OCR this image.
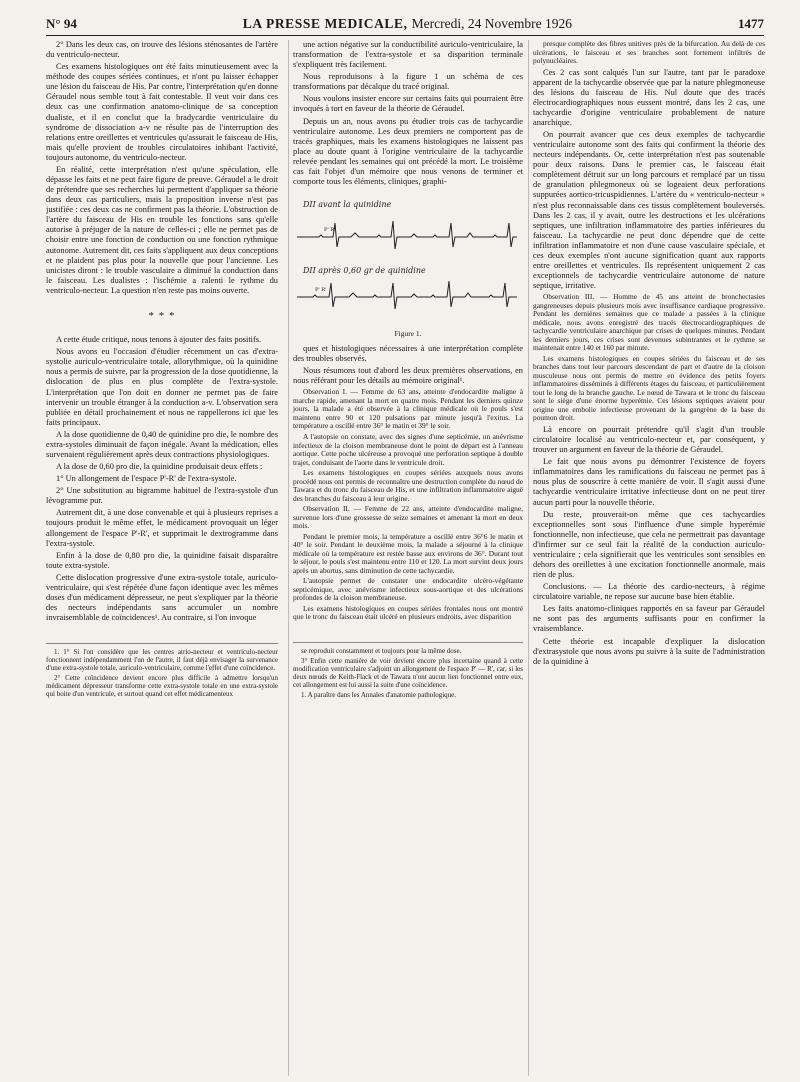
N° 94	LA PRESSE MEDICALE, Mercredi, 24 Novembre 1926	1477

2° Dans les deux cas, on trouve des lésions sténosantes de l'artère du ventriculo-necteur.

Ces examens histologiques ont été faits minutieusement avec la méthode des coupes sériées continues, et n'ont pu laisser échapper une lésion du faisceau de His. Par contre, l'interprétation qu'en donne Géraudel nous semble tout à fait contestable. Il veut voir dans ces deux cas une confirmation anatomo-clinique de sa conception dualiste, et il en conclut que la bradycardie ventriculaire du syndrome de dissociation a-v ne résulte pas de l'interruption des relations entre oreillettes et ventricules qu'assurait le faisceau de His, mais qu'elle provient de troubles circulatoires inhibant l'activité, toujours autonome, du ventriculo-necteur.

En réalité, cette interprétation n'est qu'une spéculation, elle dépasse les faits et ne peut faire figure de preuve. Géraudel a le droit de prétendre que ses recherches lui permettent d'appliquer sa théorie dans deux cas particuliers, mais la proposition inverse n'est pas justifiée : ces deux cas ne confirment pas la théorie. L'obstruction de l'artère du faisceau de His en trouble les fonctions sans qu'elle autorise à préjuger de la nature de celles-ci ; elle ne permet pas de choisir entre une fonction de conduction ou une fonction rythmique autonome. Autrement dit, ces faits s'appliquent aux deux conceptions et ne plaident pas plus pour la nouvelle que pour l'ancienne. Les unicistes diront : le trouble vasculaire a diminué la conduction dans le faisceau. Les dualistes : l'ischémie a ralenti le rythme du ventriculo-necteur. La question n'en reste pas moins ouverte.

* * *

A cette étude critique, nous tenons à ajouter des faits positifs.

Nous avons eu l'occasion d'étudier récemment un cas d'extra-systolie auriculo-ventriculaire totale, allorythmique, où la quinidine nous a permis de suivre, par la progression de la dose quotidienne, la dislocation de plus en plus complète de l'extra-systole. L'interprétation que l'on doit en donner ne permet pas de faire intervenir un trouble étranger à la conduction a-v. L'observation sera publiée en détail prochainement et nous ne rappellerons ici que les faits principaux.

A la dose quotidienne de 0,40 de quinidine pro die, le nombre des extra-systoles diminuait de façon inégale. Avant la médication, elles survenaient régulièrement après deux contractions physiologiques.

A la dose de 0,60 pro die, la quinidine produisait deux effets :

1° Un allongement de l'espace P'-R' de l'extra-systole.

2° Une substitution au bigramme habituel de l'extra-systole d'un lévogramme pur.

Autrement dit, à une dose convenable et qui à plusieurs reprises a toujours produit le même effet, le médicament provoquait un léger allongement de l'espace P'-R', et supprimait le dextrogramme dans l'extra-systole.

Enfin à la dose de 0,80 pro die, la quinidine faisait disparaître toute extra-systole.

Cette dislocation progressive d'une extra-systole totale, auriculo-ventriculaire, qui s'est répétée d'une façon identique avec les mêmes doses d'un médicament dépresseur, ne peut s'expliquer par la théorie des necteurs indépendants sans accumuler un nombre invraisemblable de coïncidences¹. Au contraire, si l'on invoque

1. 1° Si l'on considère que les centres atrio-necteur et ventriculo-necteur fonctionnent indépendamment l'un de l'autre, il faut déjà envisager la survenance d'une extra-systole totale, auriculo-ventriculaire, comme l'effet d'une coïncidence.

2° Cette coïncidence devient encore plus difficile à admettre lorsqu'un médicament dépresseur transforme cette extra-systole totale en une extra-systole qui boite d'un ventricule, et surtout quand cet effet médicamenteux

une action négative sur la conductibilité auriculo-ventriculaire, la transformation de l'extra-systole et sa disparition terminale s'expliquent très facilement.

Nous reproduisons à la figure 1 un schéma de ces transformations par décalque du tracé original.

Nous voulons insister encore sur certains faits qui pourraient être invoqués à tort en faveur de la théorie de Géraudel.

Depuis un an, nous avons pu étudier trois cas de tachycardie ventriculaire autonome. Les deux premiers ne comportent pas de tracés graphiques, mais les examens histologiques ne laissent pas place au doute quant à l'origine ventriculaire de la tachycardie relevée pendant les semaines qui ont précédé la mort. Le troisième cas fait l'objet d'un mémoire que nous venons de terminer et comporte tous les éléments, cliniques, graphi-

DII avant la quinidine
P' R'
DII après 0,60 gr de quinidine
P' R'
Figure 1.

ques et histologiques nécessaires à une interprétation complète des troubles observés.

Nous résumons tout d'abord les deux premières observations, en nous référant pour les détails au mémoire original¹.

Observation I. — Femme de 63 ans, atteinte d'endocardite maligne à marche rapide, amenant la mort en quatre mois. Pendant les derniers quinze jours, la malade a été observée à la clinique médicale où le pouls s'est maintenu entre 90 et 120 pulsations par minute jusqu'à l'exitus. La température a oscillé entre 36° le matin et 39° le soir.

A l'autopsie on constate, avec des signes d'une septicémie, un anévrisme infectieux de la cloison membraneuse dont le point de départ est à l'anneau aortique. Cette poche ulcéreuse a provoqué une perforation septique à double trajet, conduisant de l'aorte dans le ventricule droit.

Les examens histologiques en coupes sériées auxquels nous avons procédé nous ont permis de reconnaître une destruction complète du nœud de Tawara et du tronc du faisceau de His, et une infiltration inflammatoire aiguë des branches du faisceau à leur origine.

Observation II. — Femme de 22 ans, atteinte d'endocardite maligne, survenue lors d'une grossesse de seize semaines et amenant la mort en deux mois.

Pendant le premier mois, la température a oscillé entre 36°6 le matin et 40° le soir. Pendant le deuxième mois, la malade a séjourné à la clinique médicale où la température est restée basse aux environs de 36°. Durant tout le séjour, le pouls s'est maintenu entre 110 et 120. La mort survint deux jours après un abortus, sans diminution de cette tachycardie.

L'autopsie permet de constater une endocardite ulcéro-végétante septicémique, avec anévrisme infectieux sous-aortique et des ulcérations profondes de la cloison membraneuse.

Les examens histologiques en coupes sériées frontales nous ont montré que le tronc du faisceau était ulcéré en plusieurs endroits, avec disparition

se reproduit constamment et toujours pour la même dose.

3° Enfin cette manière de voir devient encore plus incertaine quand à cette modification ventriculaire s'adjoint un allongement de l'espace P' — R', car, si les deux nœuds de Keith-Flack et de Tawara n'ont aucun lien fonctionnel entre eux, cet allongement est lui aussi la suite d'une coïncidence.

1. A paraître dans les Annales d'anatomie pathologique.

presque complète des fibres unitives près de la bifurcation. Au delà de ces ulcérations, le faisceau et ses branches sont fortement infiltrés de polynucléaires.

Ces 2 cas sont calqués l'un sur l'autre, tant par le paradoxe apparent de la tachycardie observée que par la nature phlegmoneuse des lésions du faisceau de His. Nul doute que des tracés électrocardiographiques nous eussent montré, dans les 2 cas, une tachycardie d'origine ventriculaire probablement de nature anarchique.

On pourrait avancer que ces deux exemples de tachycardie ventriculaire autonome sont des faits qui confirment la théorie des necteurs indépendants. Or, cette interprétation n'est pas soutenable pour deux raisons. Dans le premier cas, le faisceau était complètement détruit sur un long parcours et remplacé par un tissu de granulation phlegmoneux où se logeaient deux perforations suppurées aortico-tricuspidiennes. L'artère du « ventriculo-necteur » n'est plus reconnaissable dans ces tissus complètement bouleversés. Dans les 2 cas, il y avait, outre les destructions et les ulcérations septiques, une infiltration inflammatoire des parties inférieures du faisceau. La tachycardie ne peut donc dépendre que de cette infiltration inflammatoire et non d'une cause vasculaire spéciale, et ces deux exemples n'ont aucune signification quant aux rapports entre oreillettes et ventricules. Ils représentent uniquement 2 cas exceptionnels de tachycardie ventriculaire autonome de nature septique, irritative.

Observation III. — Homme de 45 ans atteint de bronchectasies gangreneuses depuis plusieurs mois avec insuffisance cardiaque progressive. Pendant les dernières semaines que ce malade a passées à la clinique médicale, nous avons enregistré des tracés électrocardiographiques de tachycardie ventriculaire anarchique par crises de quelques minutes. Pendant les derniers jours, ces crises sont devenues subintrantes et le rythme se maintenait entre 140 et 160 par minute.

Les examens histologiques en coupes sériées du faisceau et de ses branches dans tout leur parcours descendant de part et d'autre de la cloison musculeuse nous ont permis de mettre en évidence des petits foyers inflammatoires disséminés à différents étages du faisceau, et particulièrement tout le long de la branche gauche. Le nœud de Tawara et le tronc du faisceau sont le siège d'une énorme hyperémie. Ces lésions septiques avaient pour origine une embolie infectieuse provenant de la gangrène de la base du poumon droit.

Là encore on pourrait prétendre qu'il s'agit d'un trouble circulatoire localisé au ventriculo-necteur et, par conséquent, y trouver un argument en faveur de la théorie de Géraudel.

Le fait que nous avons pu démontrer l'existence de foyers inflammatoires dans les ramifications du faisceau ne permet pas à nous plus de souscrire à cette manière de voir. Il s'agit aussi d'une tachycardie ventriculaire irritative infectieuse dont on ne peut tirer aucun parti pour la nouvelle théorie.

Du reste, prouverait-on même que ces tachycardies exceptionnelles sont sous l'influence d'une simple hyperémie fonctionnelle, non infectieuse, que cela ne permettrait pas davantage d'infirmer sur ce seul fait la réalité de la conduction auriculo-ventriculaire ; cela signifierait que les ventricules sont sensibles en dehors des oreillettes à une excitation fonctionnelle anormale, mais rien de plus.

Conclusions. — La théorie des cardio-necteurs, à régime circulatoire variable, ne repose sur aucune base bien établie.

Les faits anatomo-cliniques rapportés en sa faveur par Géraudel ne sont pas des arguments suffisants pour en confirmer la vraisemblance.

Cette théorie est incapable d'expliquer la dislocation d'extrasystole que nous avons pu suivre à la suite de l'administration de la quinidine à
